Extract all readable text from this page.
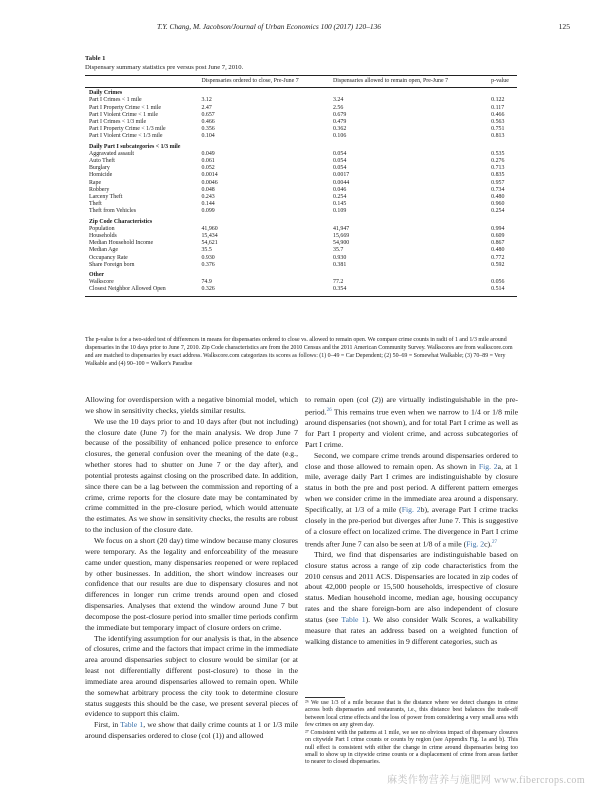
T.Y. Chang, M. Jacobson/Journal of Urban Economics 100 (2017) 120–136	125
Table 1
Dispensary summary statistics pre versus post June 7, 2010.
	Dispensaries ordered to close, Pre-June 7	Dispensaries allowed to remain open, Pre-June 7	p-value
Daily Crimes			
Part I Crimes < 1 mile	3.12	3.24	0.122
Part I Property Crime < 1 mile	2.47	2.56	0.117
Part I Violent Crime < 1 mile	0.657	0.679	0.466
Part I Crimes < 1/3 mile	0.466	0.479	0.563
Part I Property Crime < 1/3 mile	0.356	0.362	0.751
Part I Violent Crime < 1/3 mile	0.104	0.106	0.813
Daily Part I subcategories < 1/3 mile			
Aggravated assault	0.049	0.054	0.535
Auto Theft	0.061	0.054	0.276
Burglary	0.052	0.054	0.713
Homicide	0.0014	0.0017	0.835
Rape	0.0046	0.0044	0.957
Robbery	0.048	0.046	0.734
Larceny Theft	0.243	0.254	0.480
Theft	0.144	0.145	0.960
Theft from Vehicles	0.099	0.109	0.254
Zip Code Characteristics			
Population	41,960	41,947	0.994
Households	15,434	15,669	0.609
Median Household Income	54,621	54,900	0.867
Median Age	35.5	35.7	0.480
Occupancy Rate	0.930	0.930	0.772
Share Foreign born	0.376	0.381	0.592
Other			
Walkscore	74.9	77.2	0.056
Closest Neighbor Allowed Open	0.326	0.354	0.514
The p-value is for a two-sided test of differences in means for dispensaries ordered to close vs. allowed to remain open. We compare crime counts in radii of 1 and 1/3 mile around dispensaries in the 10 days prior to June 7, 2010. Zip Code characteristics are from the 2010 Census and the 2011 American Community Survey. Walkscores are from walkscore.com and are matched to dispensaries by exact address. Walkscore.com categorizes its scores as follows: (1) 0–49 = Car Dependent; (2) 50–69 = Somewhat Walkable; (3) 70–89 = Very Walkable and (4) 90–100 = Walker's Paradise

Allowing for overdispersion with a negative binomial model, which we show in sensitivity checks, yields similar results.

We use the 10 days prior to and 10 days after (but not including) the closure date (June 7) for the main analysis. We drop June 7 because of the possibility of enhanced police presence to enforce closures, the general confusion over the meaning of the date (e.g., whether stores had to shutter on June 7 or the day after), and potential protests against closing on the proscribed date. In addition, since there can be a lag between the commission and reporting of a crime, crime reports for the closure date may be contaminated by crime committed in the pre-closure period, which would attenuate the estimates. As we show in sensitivity checks, the results are robust to the inclusion of the closure date.

We focus on a short (20 day) time window because many closures were temporary. As the legality and enforceability of the measure came under question, many dispensaries reopened or were replaced by other businesses. In addition, the short window increases our confidence that our results are due to dispensary closures and not differences in longer run crime trends around open and closed dispensaries. Analyses that extend the window around June 7 but decompose the post-closure period into smaller time periods confirm the immediate but temporary impact of closure orders on crime.

The identifying assumption for our analysis is that, in the absence of closures, crime and the factors that impact crime in the immediate area around dispensaries subject to closure would be similar (or at least not differentially different post-closure) to those in the immediate area around dispensaries allowed to remain open. While the somewhat arbitrary process the city took to determine closure status suggests this should be the case, we present several pieces of evidence to support this claim.

First, in Table 1, we show that daily crime counts at 1 or 1/3 mile around dispensaries ordered to close (col (1)) and allowed

to remain open (col (2)) are virtually indistinguishable in the pre-period.$^{26}$ This remains true even when we narrow to 1/4 or 1/8 mile around dispensaries (not shown), and for total Part I crime as well as for Part I property and violent crime, and across subcategories of Part I crime.

Second, we compare crime trends around dispensaries ordered to close and those allowed to remain open. As shown in Fig. 2a, at 1 mile, average daily Part I crimes are indistinguishable by closure status in both the pre and post period. A different pattern emerges when we consider crime in the immediate area around a dispensary. Specifically, at 1/3 of a mile (Fig. 2b), average Part I crime tracks closely in the pre-period but diverges after June 7. This is suggestive of a closure effect on localized crime. The divergence in Part I crime trends after June 7 can also be seen at 1/8 of a mile (Fig. 2c).$^{27}$

Third, we find that dispensaries are indistinguishable based on closure status across a range of zip code characteristics from the 2010 census and 2011 ACS. Dispensaries are located in zip codes of about 42,000 people or 15,500 households, irrespective of closure status. Median household income, median age, housing occupancy rates and the share foreign-born are also independent of closure status (see Table 1). We also consider Walk Scores, a walkability measure that rates an address based on a weighted function of walking distance to amenities in 9 different categories, such as

²⁶ We use 1/3 of a mile because that is the distance where we detect changes in crime across both dispensaries and restaurants, i.e., this distance best balances the trade-off between local crime effects and the loss of power from considering a very small area with few crimes on any given day.

²⁷ Consistent with the patterns at 1 mile, we see no obvious impact of dispensary closures on citywide Part I crime counts or counts by region (see Appendix Fig. 1a and b). This null effect is consistent with either the change in crime around dispensaries being too small to show up in citywide crime counts or a displacement of crime from areas farther to nearer to closed dispensaries.

麻类作物营养与施肥网 www.fibercrops.com
